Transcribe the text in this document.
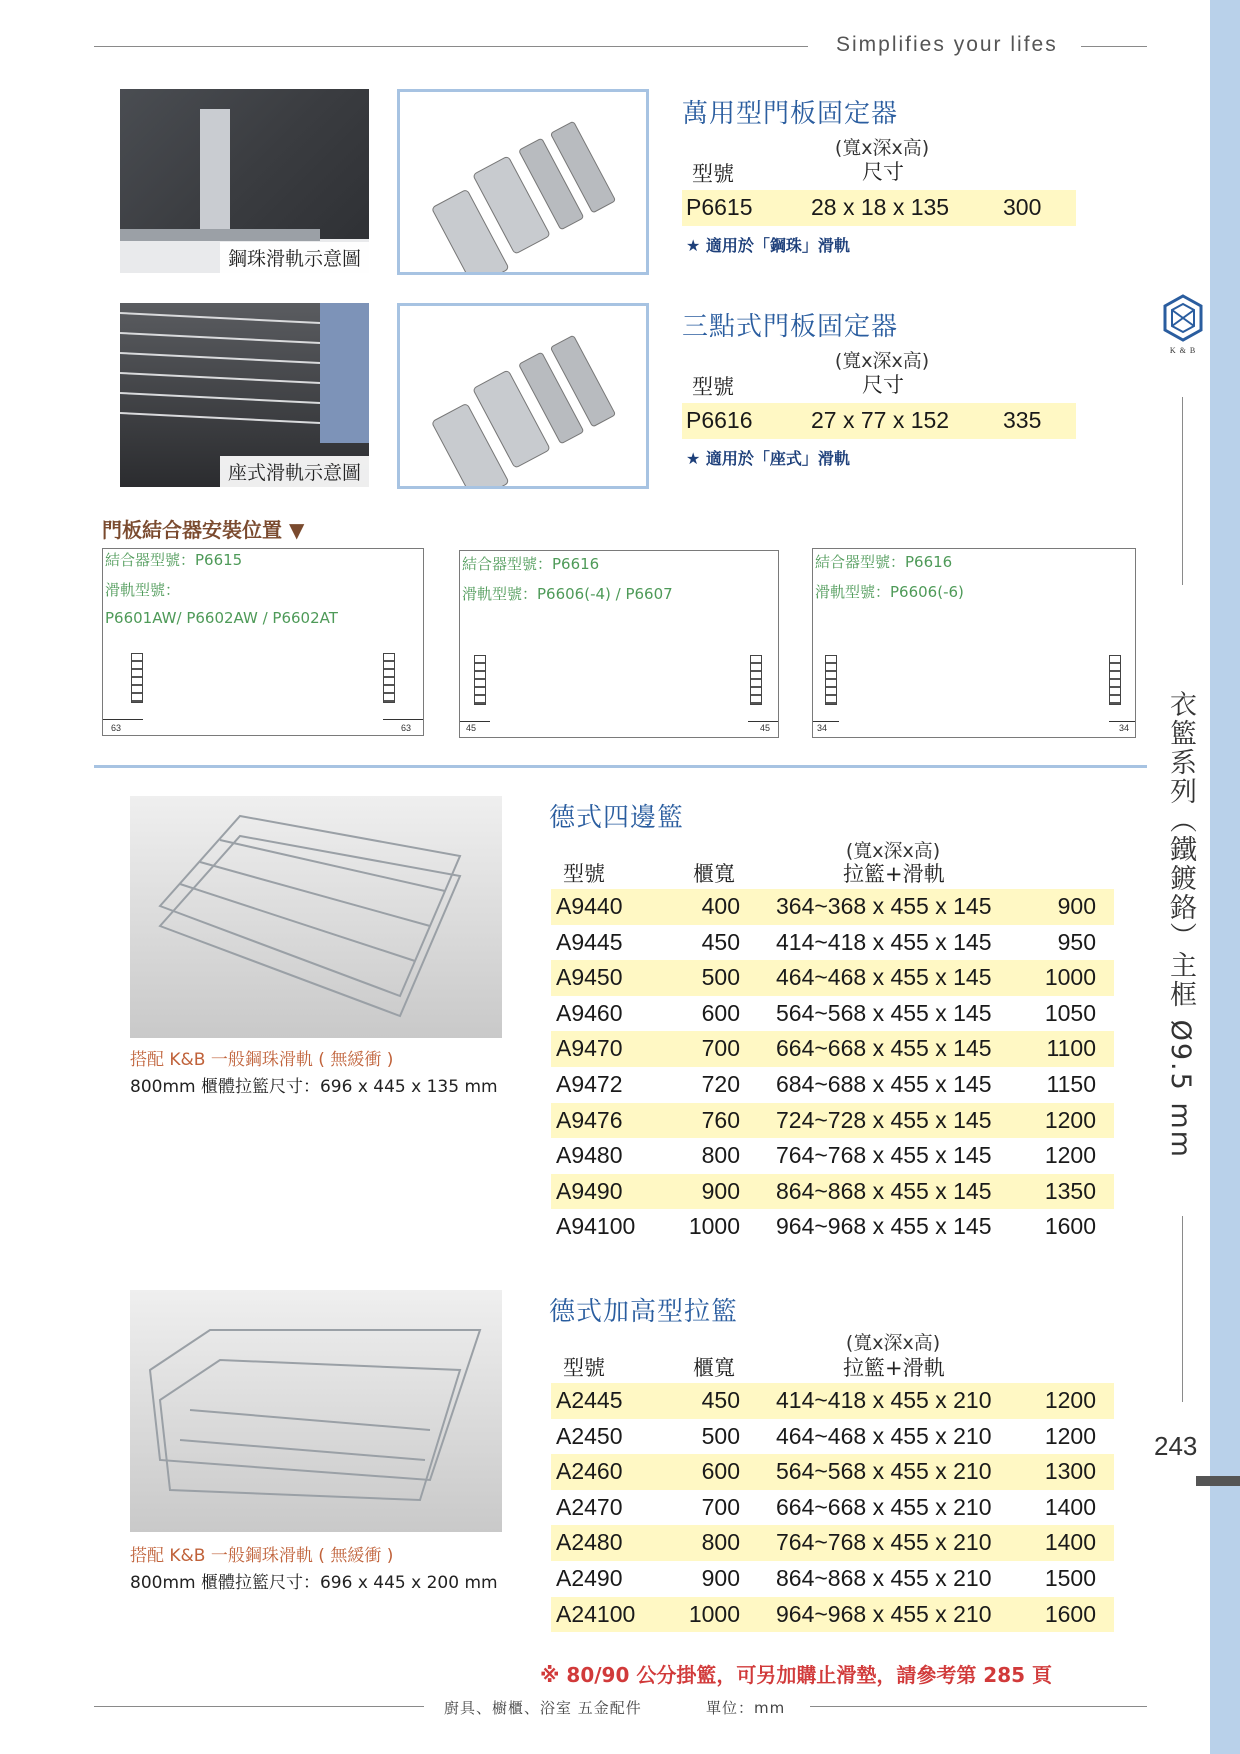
Simplifies your lifes
K & B
衣籃系列（鐵鍍鉻）主框 Ø9.5 mm
243
鋼珠滑軌示意圖
座式滑軌示意圖
萬用型門板固定器
(寬x深x高)
型號	尺寸
P6615	28 x 18 x 135 300
★ 適用於「鋼珠」滑軌
三點式門板固定器
(寬x深x高)
型號	尺寸
P6616	27 x 77 x 152 335
★ 適用於「座式」滑軌
門板結合器安裝位置 ▼
結合器型號：P6615
滑軌型號：
P6601AW/ P6602AW / P6602AT
63	63
結合器型號：P6616
滑軌型號：P6606(-4) / P6607
45	45
結合器型號：P6616
滑軌型號：P6606(-6)
34	34
搭配 K&B 一般鋼珠滑軌 ( 無緩衝 )
800mm 櫃體拉籃尺寸：696 x 445 x 135 mm
德式四邊籃
(寬x深x高)
型號	櫃寬	拉籃+滑軌
A9440	400 364~368 x 455 x 145	900
A9445	450 414~418 x 455 x 145	950
A9450	500 464~468 x 455 x 145	1000
A9460	600 564~568 x 455 x 145	1050
A9470	700 664~668 x 455 x 145	1100
A9472	720 684~688 x 455 x 145	1150
A9476	760 724~728 x 455 x 145	1200
A9480	800 764~768 x 455 x 145	1200
A9490	900 864~868 x 455 x 145	1350
A94100	1000 964~968 x 455 x 145	1600
搭配 K&B 一般鋼珠滑軌 ( 無緩衝 )
800mm 櫃體拉籃尺寸：696 x 445 x 200 mm
德式加高型拉籃
(寬x深x高)
型號	櫃寬	拉籃+滑軌
A2445	450 414~418 x 455 x 210	1200
A2450	500 464~468 x 455 x 210	1200
A2460	600 564~568 x 455 x 210	1300
A2470	700 664~668 x 455 x 210	1400
A2480	800 764~768 x 455 x 210	1400
A2490	900 864~868 x 455 x 210	1500
A24100	1000 964~968 x 455 x 210	1600
※ 80/90 公分掛籃，可另加購止滑墊，請參考第 285 頁
廚具、櫥櫃、浴室 五金配件	單位：mm
